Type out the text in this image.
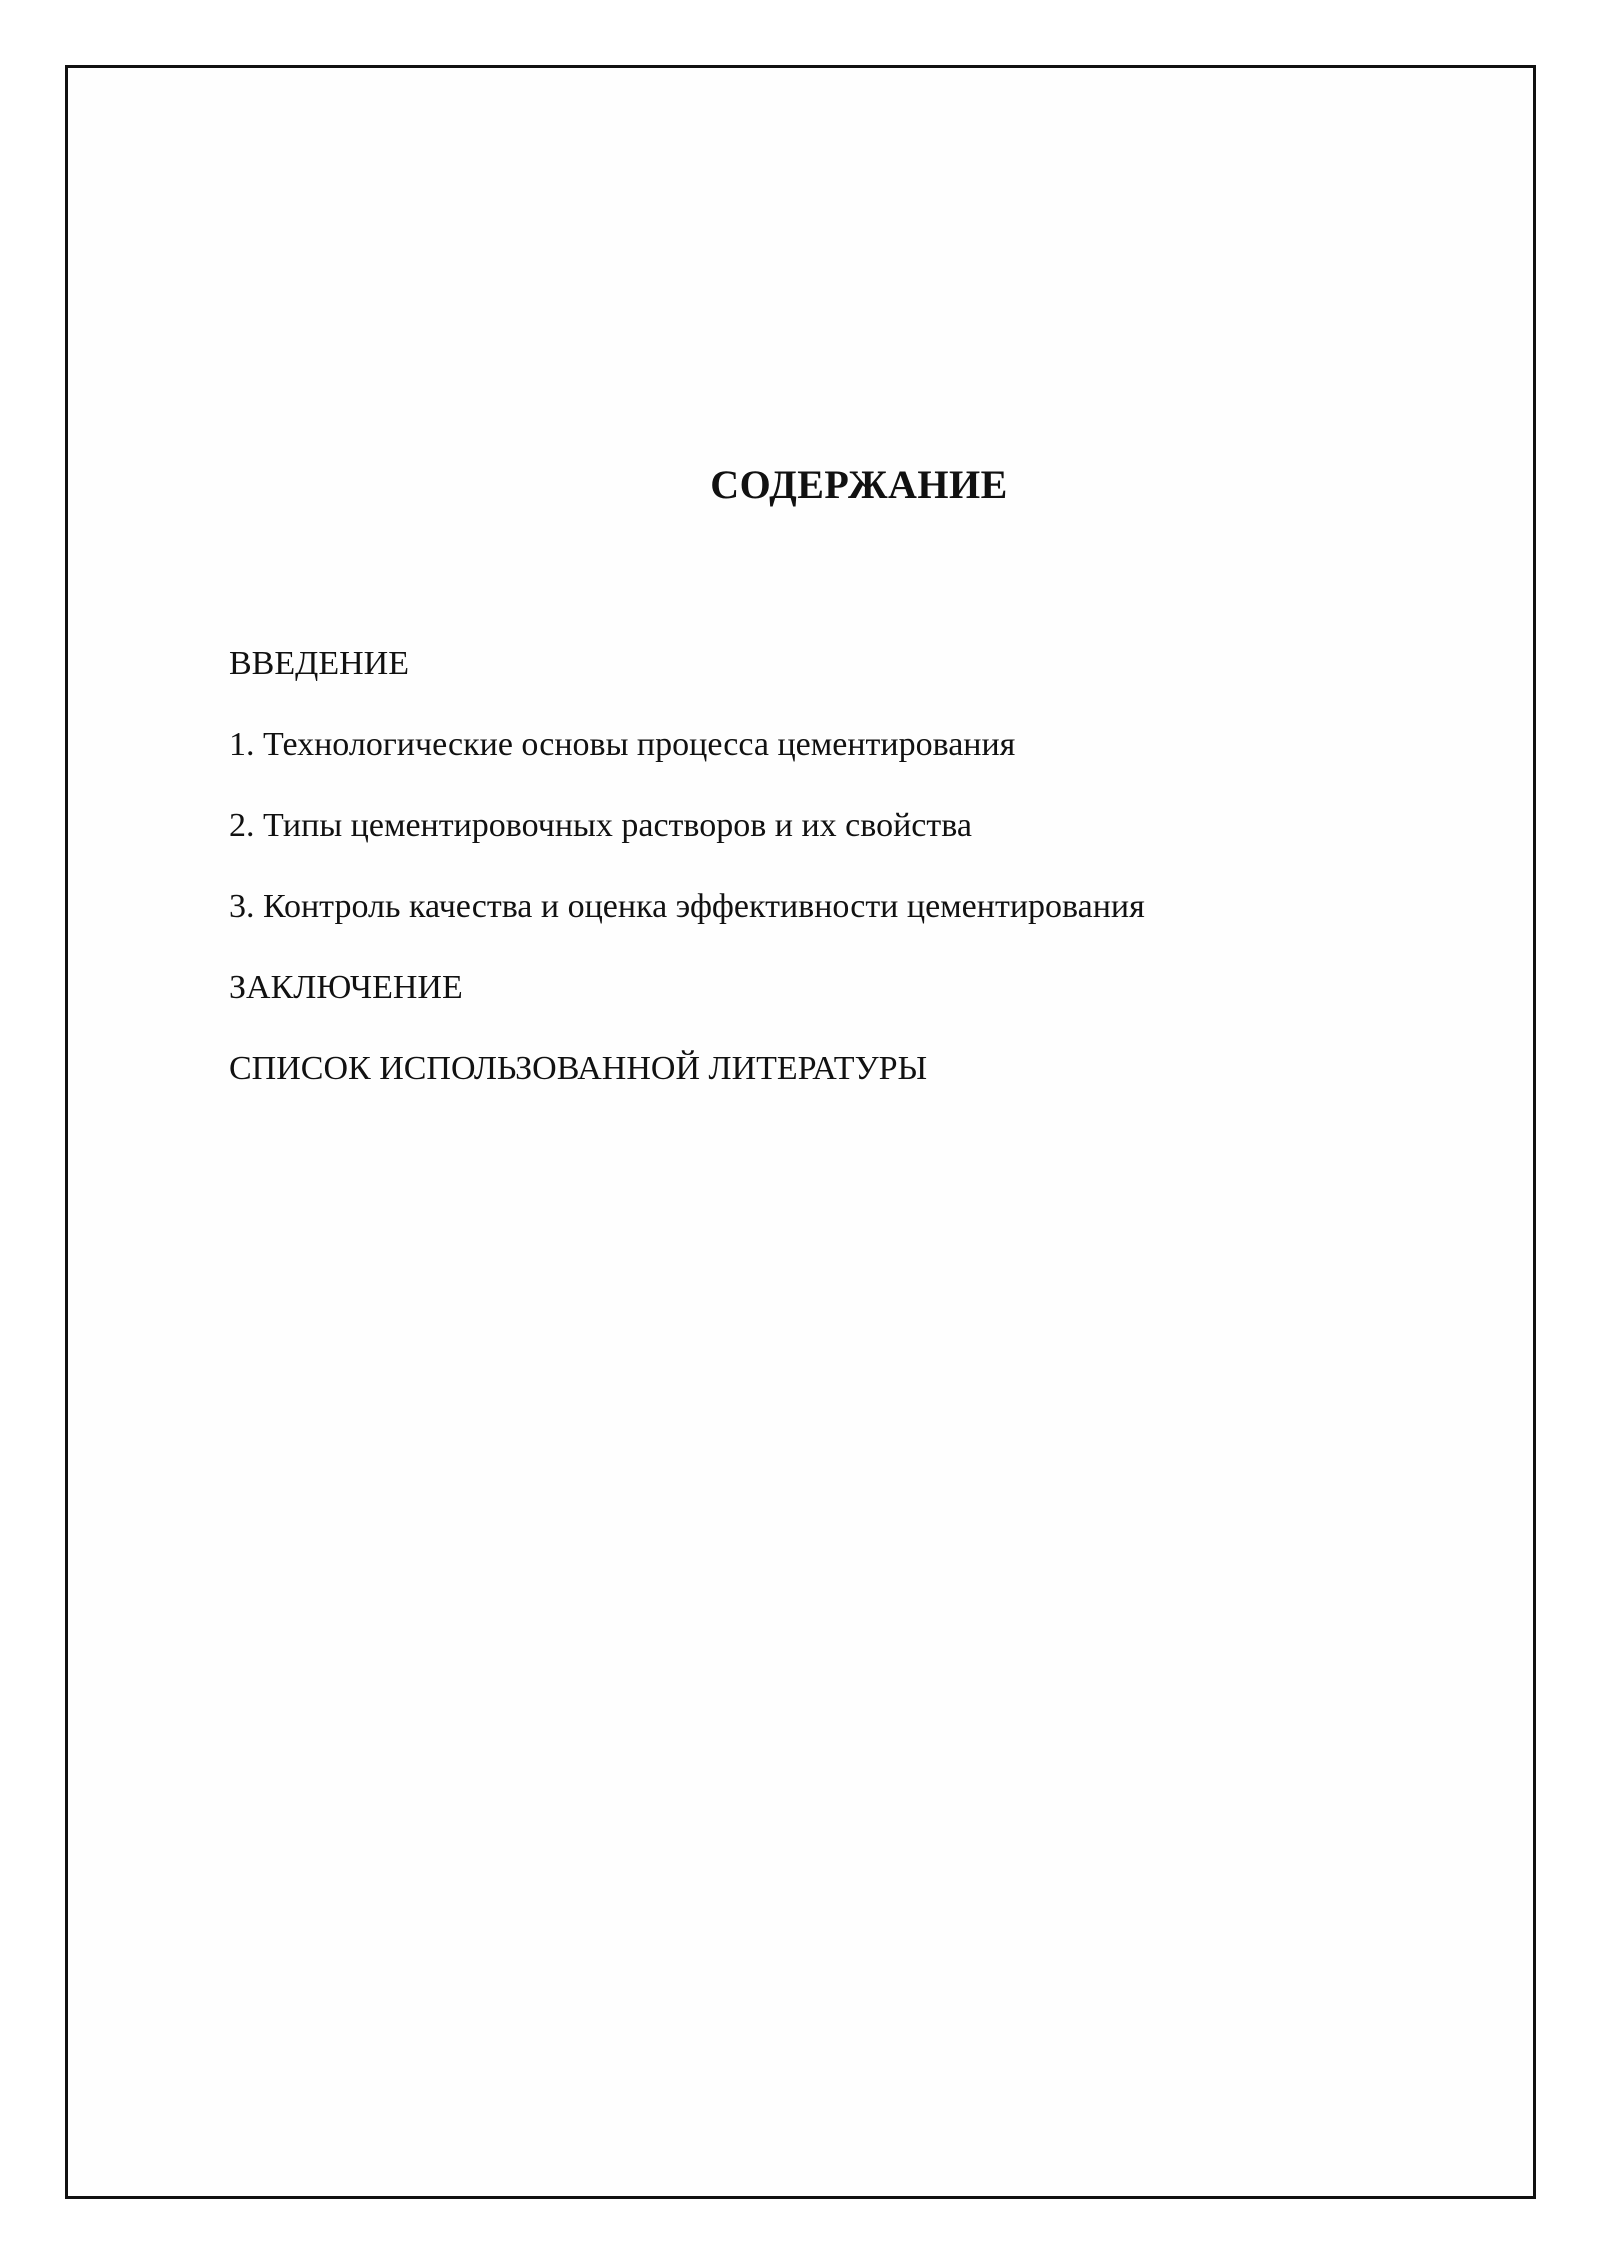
СОДЕРЖАНИЕ
ВВЕДЕНИЕ
1. Технологические основы процесса цементирования
2. Типы цементировочных растворов и их свойства
3. Контроль качества и оценка эффективности цементирования
ЗАКЛЮЧЕНИЕ
СПИСОК ИСПОЛЬЗОВАННОЙ ЛИТЕРАТУРЫ
